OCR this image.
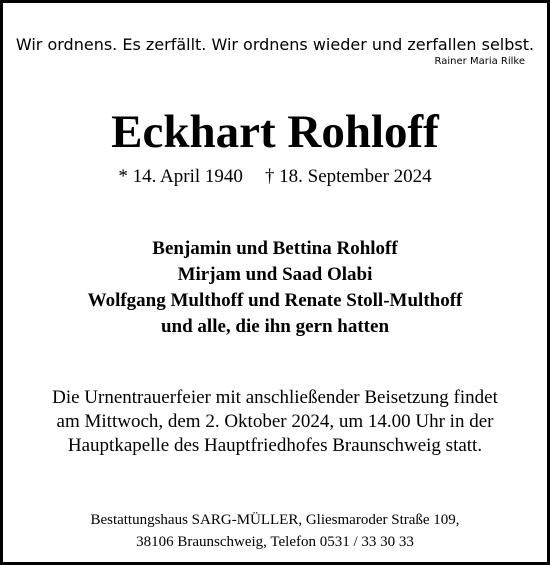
Wir ordnens. Es zerfällt. Wir ordnens wieder und zerfallen selbst.
Rainer Maria Rilke
Eckhart Rohloff
* 14. April 1940 † 18. September 2024
Benjamin und Bettina Rohloff
Mirjam und Saad Olabi
Wolfgang Multhoff und Renate Stoll-Multhoff
und alle, die ihn gern hatten
Die Urnentrauerfeier mit anschließender Beisetzung findet
am Mittwoch, dem 2. Oktober 2024, um 14.00 Uhr in der
Hauptkapelle des Hauptfriedhofes Braunschweig statt.
Bestattungshaus SARG-MÜLLER, Gliesmaroder Straße 109,
38106 Braunschweig, Telefon 0531 / 33 30 33
